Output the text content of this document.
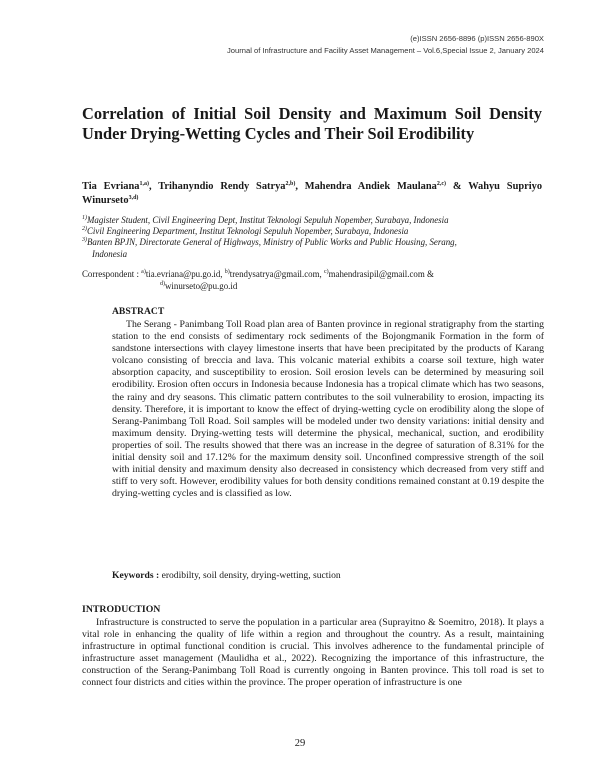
(e)ISSN 2656-8896 (p)ISSN 2656-890X
Journal of Infrastructure and Facility Asset Management – Vol.6,Special Issue 2, January 2024
Correlation of Initial Soil Density and Maximum Soil Density Under Drying-Wetting Cycles and Their Soil Erodibility
Tia Evriana$^{1,a)}$, Trihanyndio Rendy Satrya$^{2,b)}$, Mahendra Andiek Maulana$^{2,c)}$ & Wahyu Supriyo Winurseto$^{3,d)}$
$^{1)}$Magister Student, Civil Engineering Dept, Institut Teknologi Sepuluh Nopember, Surabaya, Indonesia
$^{2)}$Civil Engineering Department, Institut Teknologi Sepuluh Nopember, Surabaya, Indonesia
$^{3)}$Banten BPJN, Directorate General of Highways, Ministry of Public Works and Public Housing, Serang,
Indonesia
Correspondent : $^{a)}$tia.evriana@pu.go.id, $^{b)}$trendysatrya@gmail.com, $^{c)}$mahendrasipil@gmail.com &
$^{d)}$winurseto@pu.go.id
ABSTRACT

The Serang - Panimbang Toll Road plan area of Banten province in regional stratigraphy from the starting station to the end consists of sedimentary rock sediments of the Bojongmanik Formation in the form of sandstone intersections with clayey limestone inserts that have been precipitated by the products of Karang volcano consisting of breccia and lava. This volcanic material exhibits a coarse soil texture, high water absorption capacity, and susceptibility to erosion. Soil erosion levels can be determined by measuring soil erodibility. Erosion often occurs in Indonesia because Indonesia has a tropical climate which has two seasons, the rainy and dry seasons. This climatic pattern contributes to the soil vulnerability to erosion, impacting its density. Therefore, it is important to know the effect of drying-wetting cycle on erodibility along the slope of Serang-Panimbang Toll Road. Soil samples will be modeled under two density variations: initial density and maximum density. Drying-wetting tests will determine the physical, mechanical, suction, and erodibility properties of soil. The results showed that there was an increase in the degree of saturation of 8.31% for the initial density soil and 17.12% for the maximum density soil. Unconfined compressive strength of the soil with initial density and maximum density also decreased in consistency which decreased from very stiff and stiff to very soft. However, erodibility values for both density conditions remained constant at 0.19 despite the drying-wetting cycles and is classified as low.

Keywords : erodibilty, soil density, drying-wetting, suction
INTRODUCTION

Infrastructure is constructed to serve the population in a particular area (Suprayitno & Soemitro, 2018). It plays a vital role in enhancing the quality of life within a region and throughout the country. As a result, maintaining infrastructure in optimal functional condition is crucial. This involves adherence to the fundamental principle of infrastructure asset management (Maulidha et al., 2022). Recognizing the importance of this infrastructure, the construction of the Serang-Panimbang Toll Road is currently ongoing in Banten province. This toll road is set to connect four districts and cities within the province. The proper operation of infrastructure is one

29
